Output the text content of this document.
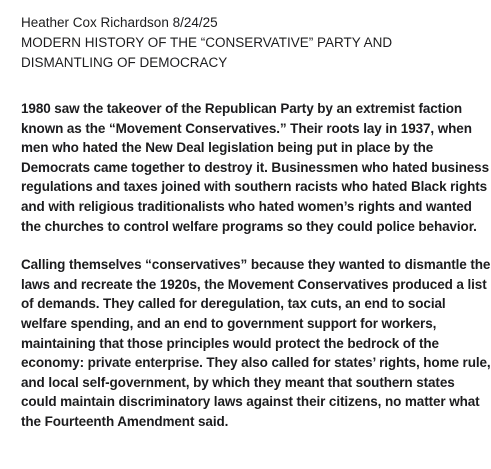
Heather Cox Richardson 8/24/25
MODERN HISTORY OF THE “CONSERVATIVE” PARTY AND DISMANTLING OF DEMOCRACY

1980 saw the takeover of the Republican Party by an extremist faction known as the “Movement Conservatives.” Their roots lay in 1937, when men who hated the New Deal legislation being put in place by the Democrats came together to destroy it. Businessmen who hated business regulations and taxes joined with southern racists who hated Black rights and with religious traditionalists who hated women’s rights and wanted the churches to control welfare programs so they could police behavior.

Calling themselves “conservatives” because they wanted to dismantle the laws and recreate the 1920s, the Movement Conservatives produced a list of demands. They called for deregulation, tax cuts, an end to social welfare spending, and an end to government support for workers, maintaining that those principles would protect the bedrock of the economy: private enterprise. They also called for states’ rights, home rule, and local self-government, by which they meant that southern states could maintain discriminatory laws against their citizens, no matter what the Fourteenth Amendment said.
